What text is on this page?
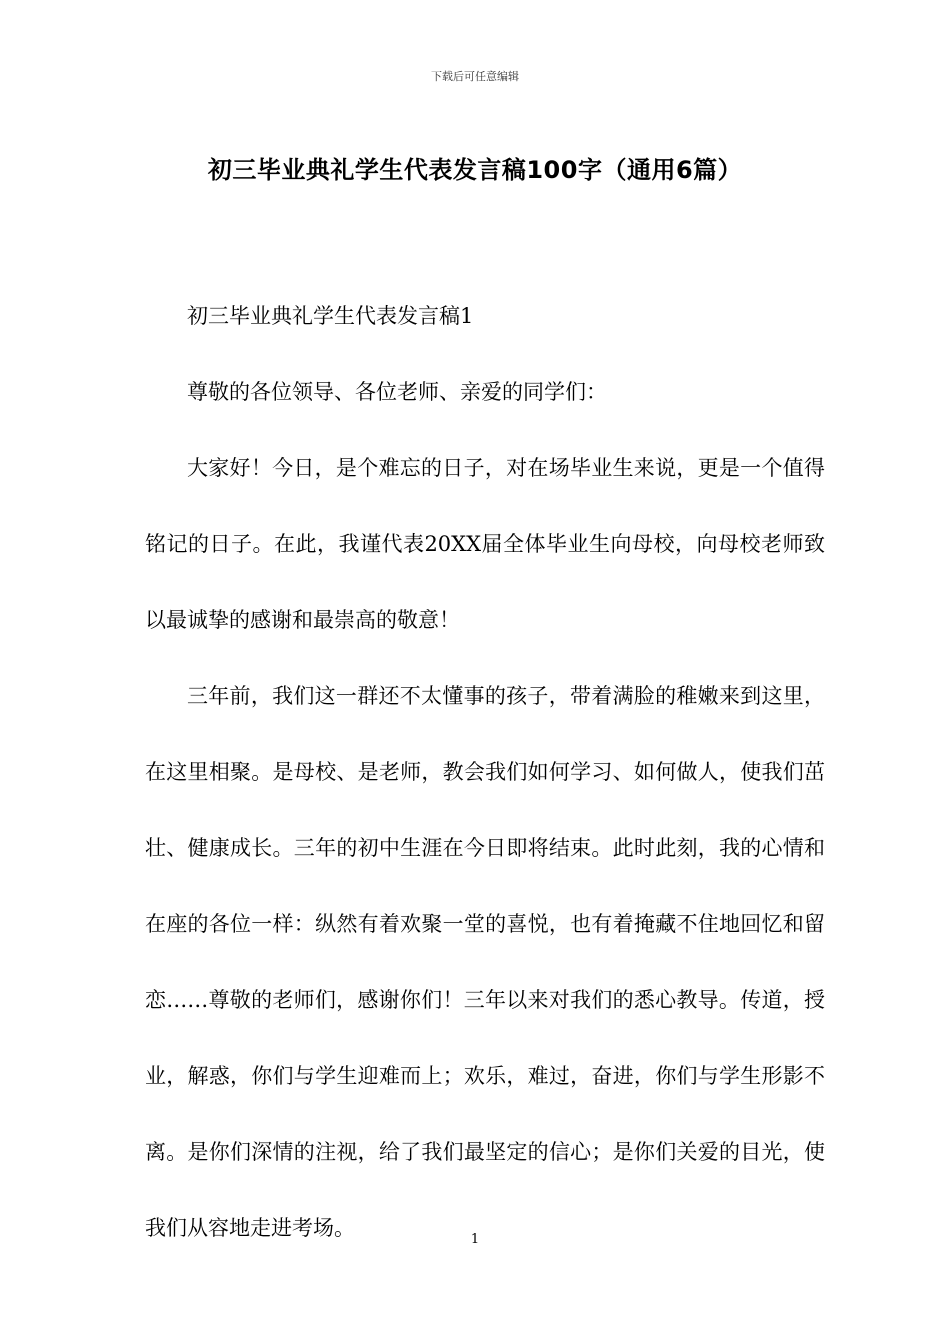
下载后可任意编辑
初三毕业典礼学生代表发言稿100字（通用6篇）

初三毕业典礼学生代表发言稿1

尊敬的各位领导、各位老师、亲爱的同学们：

大家好！今日，是个难忘的日子，对在场毕业生来说，更是一个值得铭记的日子。在此，我谨代表20XX届全体毕业生向母校，向母校老师致以最诚挚的感谢和最崇高的敬意！

三年前，我们这一群还不太懂事的孩子，带着满脸的稚嫩来到这里，在这里相聚。是母校、是老师，教会我们如何学习、如何做人，使我们茁壮、健康成长。三年的初中生涯在今日即将结束。此时此刻，我的心情和在座的各位一样：纵然有着欢聚一堂的喜悦，也有着掩藏不住地回忆和留恋……尊敬的老师们，感谢你们！三年以来对我们的悉心教导。传道，授业，解惑，你们与学生迎难而上；欢乐，难过，奋进，你们与学生形影不离。是你们深情的注视，给了我们最坚定的信心；是你们关爱的目光，使我们从容地走进考场。	1
